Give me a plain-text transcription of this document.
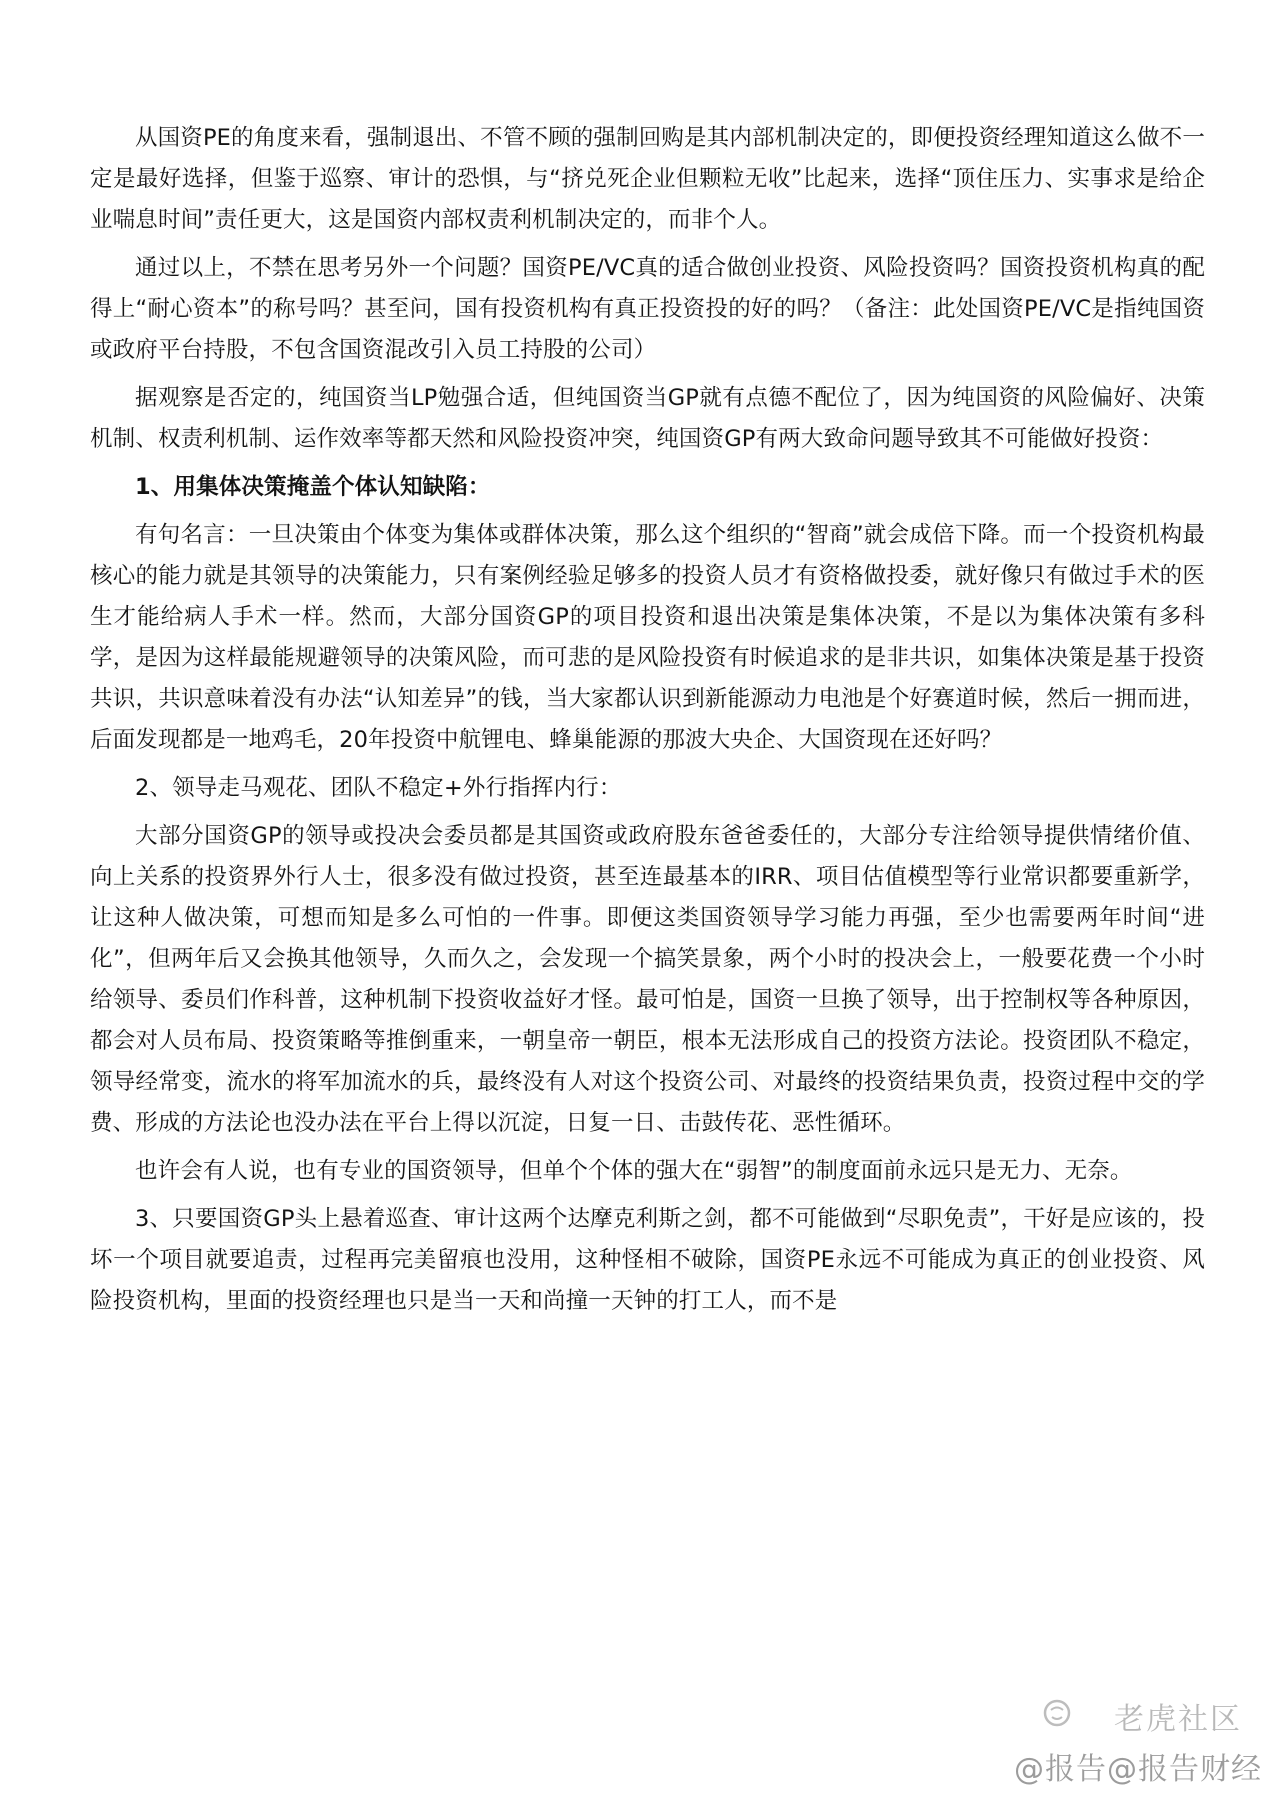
从国资PE的角度来看，强制退出、不管不顾的强制回购是其内部机制决定的，即便投资经理知道这么做不一定是最好选择，但鉴于巡察、审计的恐惧，与“挤兑死企业但颗粒无收”比起来，选择“顶住压力、实事求是给企业喘息时间”责任更大，这是国资内部权责利机制决定的，而非个人。

通过以上，不禁在思考另外一个问题？国资PE/VC真的适合做创业投资、风险投资吗？国资投资机构真的配得上“耐心资本”的称号吗？甚至问，国有投资机构有真正投资投的好的吗？（备注：此处国资PE/VC是指纯国资或政府平台持股，不包含国资混改引入员工持股的公司）

据观察是否定的，纯国资当LP勉强合适，但纯国资当GP就有点德不配位了，因为纯国资的风险偏好、决策机制、权责利机制、运作效率等都天然和风险投资冲突，纯国资GP有两大致命问题导致其不可能做好投资：

1、用集体决策掩盖个体认知缺陷：

有句名言：一旦决策由个体变为集体或群体决策，那么这个组织的“智商”就会成倍下降。而一个投资机构最核心的能力就是其领导的决策能力，只有案例经验足够多的投资人员才有资格做投委，就好像只有做过手术的医生才能给病人手术一样。然而，大部分国资GP的项目投资和退出决策是集体决策，不是以为集体决策有多科学，是因为这样最能规避领导的决策风险，而可悲的是风险投资有时候追求的是非共识，如集体决策是基于投资共识，共识意味着没有办法“认知差异”的钱，当大家都认识到新能源动力电池是个好赛道时候，然后一拥而进，后面发现都是一地鸡毛，20年投资中航锂电、蜂巢能源的那波大央企、大国资现在还好吗？

2、领导走马观花、团队不稳定+外行指挥内行：

大部分国资GP的领导或投决会委员都是其国资或政府股东爸爸委任的，大部分专注给领导提供情绪价值、向上关系的投资界外行人士，很多没有做过投资，甚至连最基本的IRR、项目估值模型等行业常识都要重新学，让这种人做决策，可想而知是多么可怕的一件事。即便这类国资领导学习能力再强，至少也需要两年时间“进化”，但两年后又会换其他领导，久而久之，会发现一个搞笑景象，两个小时的投决会上，一般要花费一个小时给领导、委员们作科普，这种机制下投资收益好才怪。最可怕是，国资一旦换了领导，出于控制权等各种原因，都会对人员布局、投资策略等推倒重来，一朝皇帝一朝臣，根本无法形成自己的投资方法论。投资团队不稳定，领导经常变，流水的将军加流水的兵，最终没有人对这个投资公司、对最终的投资结果负责，投资过程中交的学费、形成的方法论也没办法在平台上得以沉淀，日复一日、击鼓传花、恶性循环。

也许会有人说，也有专业的国资领导，但单个个体的强大在“弱智”的制度面前永远只是无力、无奈。

3、只要国资GP头上悬着巡查、审计这两个达摩克利斯之剑，都不可能做到“尽职免责”，干好是应该的，投坏一个项目就要追责，过程再完美留痕也没用，这种怪相不破除，国资PE永远不可能成为真正的创业投资、风险投资机构，里面的投资经理也只是当一天和尚撞一天钟的打工人，而不是

老虎社区
@报告@报告财经
